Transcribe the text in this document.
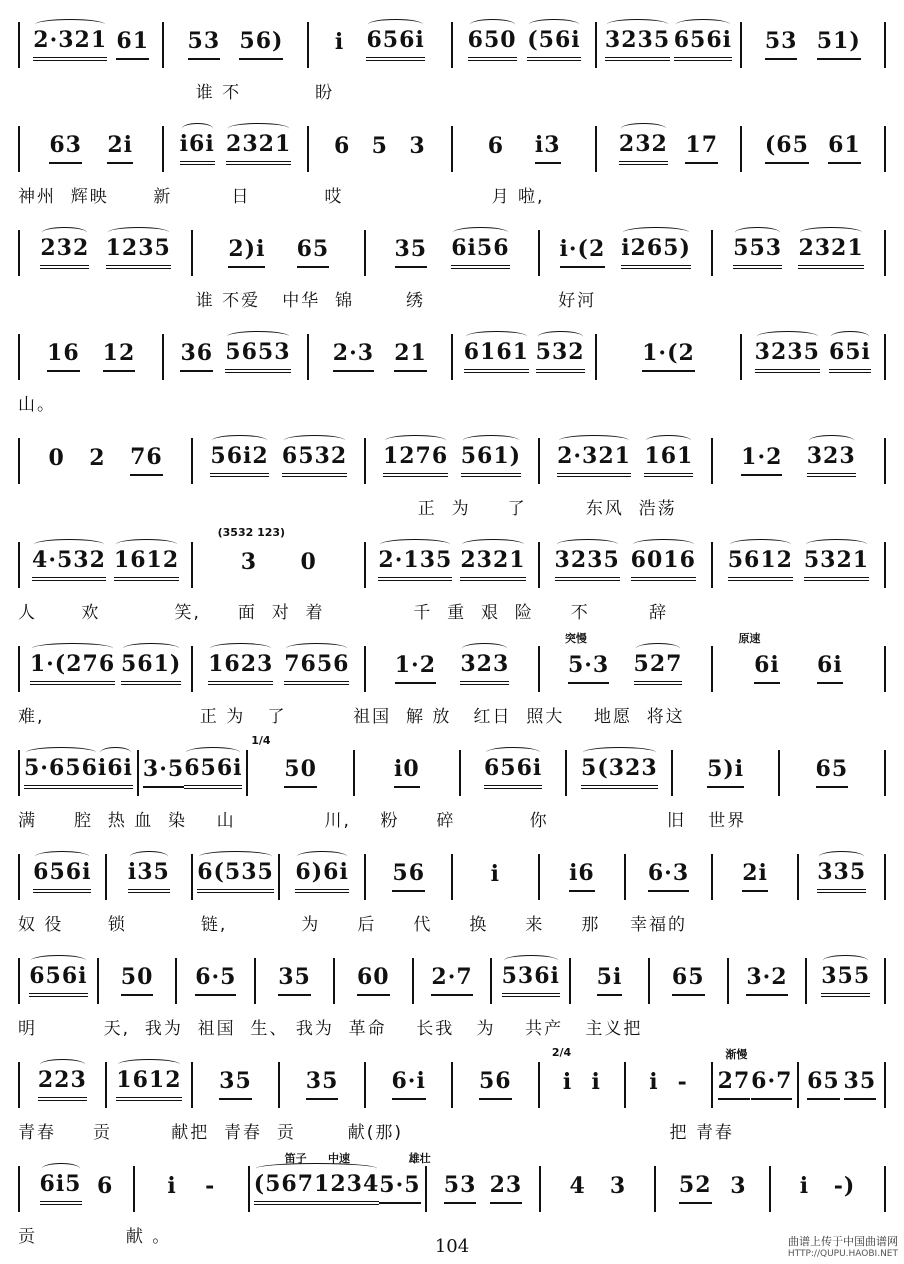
2·321 61 53 56) i 656i 650 (56i 3235 656i 53 51)
谁 不          盼
63 2i i6i 2321 6 5 3	6 i3	232 17 (65 61
神州  辉映      新        日          哎                    月 啦,
232 1235	2)i 65	35 6i56 i·(2 i265) 553 2321
谁 不爱   中华  锦       绣                  好河
16 12 36 5653 2·3 21 6161 532	1·(2	3235 65i
山。
0 2 76 56i2 6532 1276 561) 2·321 161 1·2 323
正  为     了        东风  浩荡
4·532 1612	3 0	2·135 2321 3235 6016 5612 5321
(3532 123)
人      欢          笑,     面  对  着            千  重  艰  险     不        辞
1·(276 561) 1623 7656 1·2 323	5·3 527	6i 6i
突慢	原速
难,                     正 为   了         祖国  解 放   红日  照大    地愿  将这
5·656 i6i 3·5 656i 50	i0	656i 5(323 5)i	65
1/4
满     腔  热 血  染    山            川,    粉     碎          你                旧   世界
656i i35 6(535 6)6i 56	i	i6 6·3 2i 335
奴 役      锁          链,          为     后     代     换     来     那    幸福的
656i 50 6·5 35 60 2·7 536i 5i 65 3·2 355
明         天,  我为  祖国  生、 我为  革命    长我   为    共产   主义把
223 1612 35 35 6·i 56 i i i - 27 6·7 65 35
2/4	渐慢
青春     贡        献把  青春  贡       献(那)                                    把 青春
6i5 6 i - (5671234 5·5 53 23 4 3 52 3 i -)
笛子 中速	雄壮
贡            献 。	104	曲谱上传于中国曲谱网
HTTP://QUPU.HAOBI.NET
